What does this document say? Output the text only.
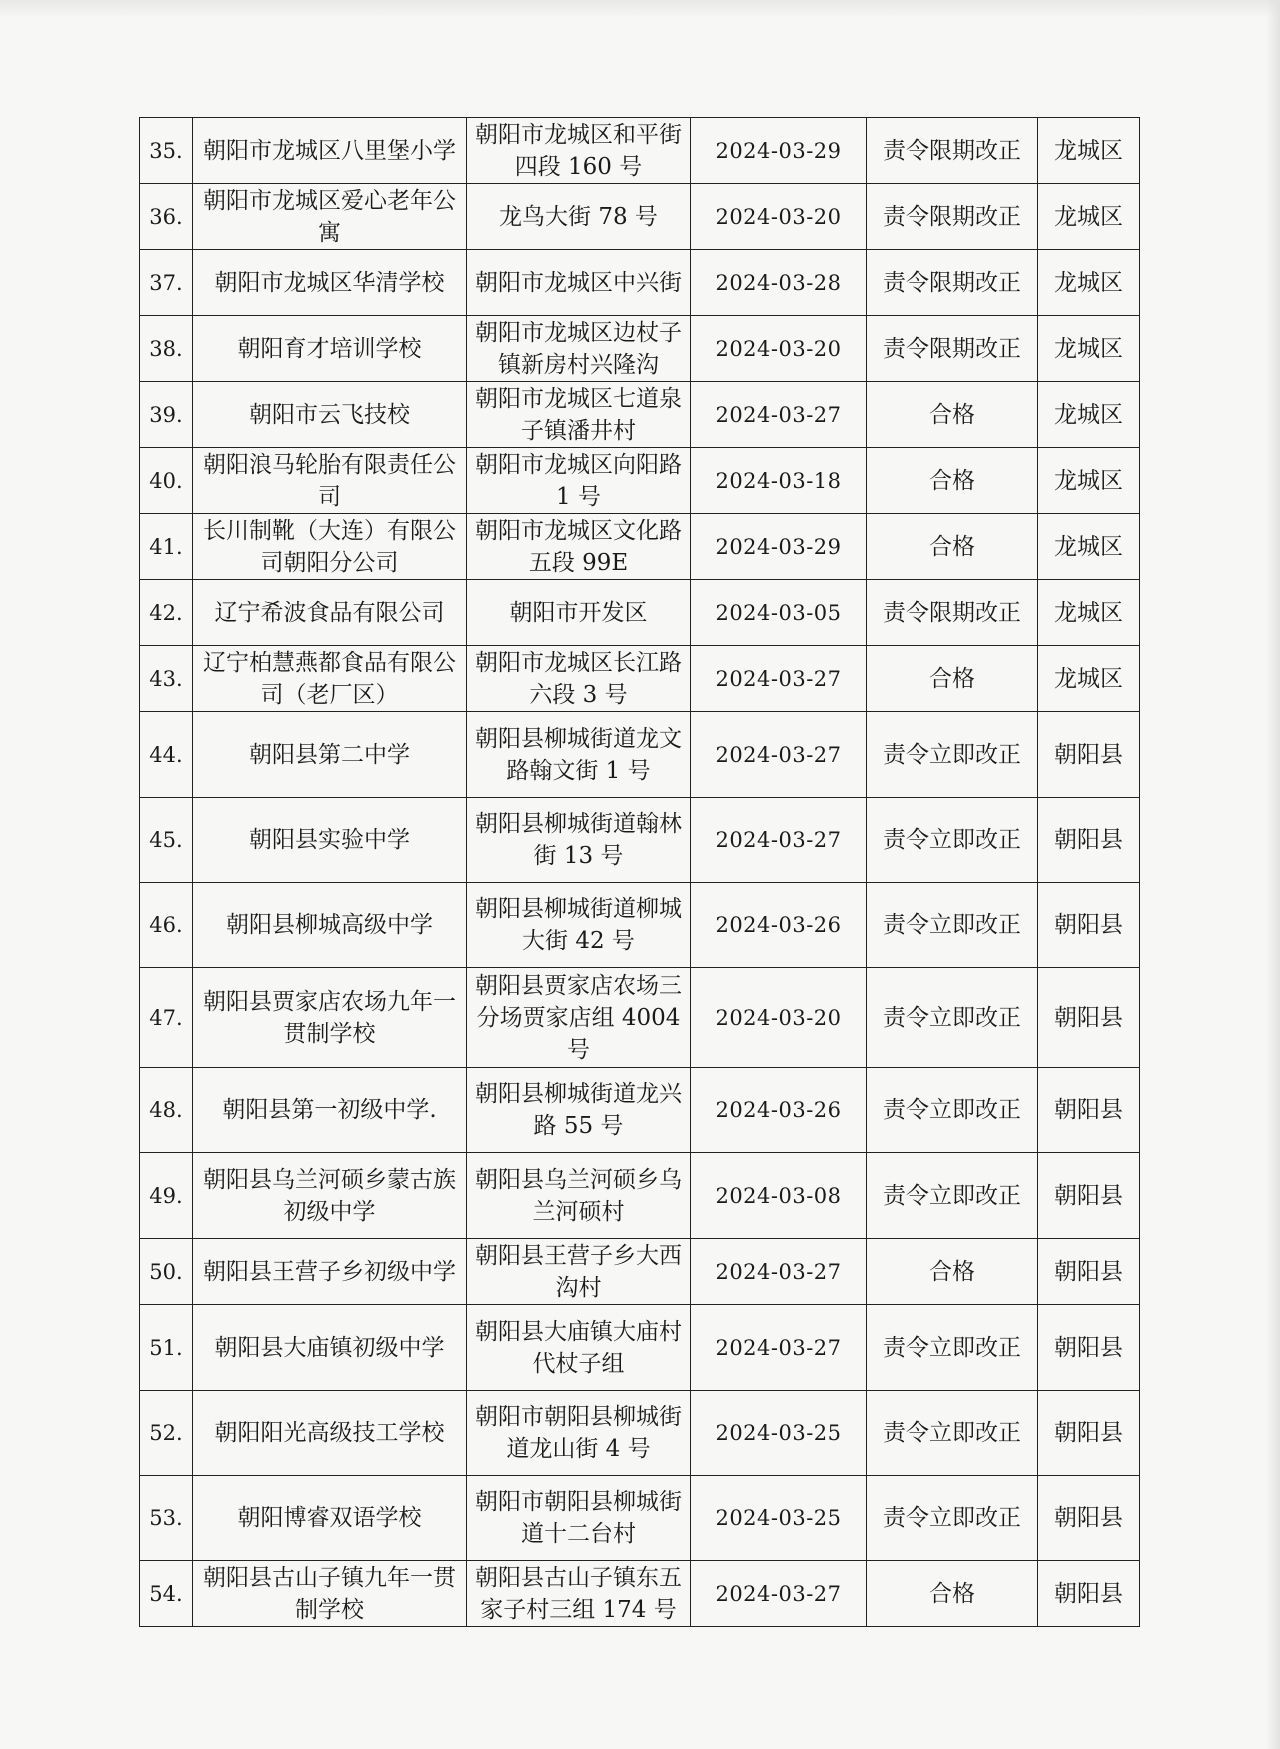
35.	朝阳市龙城区八里堡小学	朝阳市龙城区和平街四段 160 号	2024-03-29	责令限期改正	龙城区
36.	朝阳市龙城区爱心老年公寓	龙鸟大街 78 号	2024-03-20	责令限期改正	龙城区
37.	朝阳市龙城区华清学校	朝阳市龙城区中兴街	2024-03-28	责令限期改正	龙城区
38.	朝阳育才培训学校	朝阳市龙城区边杖子镇新房村兴隆沟	2024-03-20	责令限期改正	龙城区
39.	朝阳市云飞技校	朝阳市龙城区七道泉子镇潘井村	2024-03-27	合格	龙城区
40.	朝阳浪马轮胎有限责任公司	朝阳市龙城区向阳路 1 号	2024-03-18	合格	龙城区
41.	长川制靴（大连）有限公司朝阳分公司	朝阳市龙城区文化路五段 99E	2024-03-29	合格	龙城区
42.	辽宁希波食品有限公司	朝阳市开发区	2024-03-05	责令限期改正	龙城区
43.	辽宁柏慧燕都食品有限公司（老厂区）	朝阳市龙城区长江路六段 3 号	2024-03-27	合格	龙城区
44.	朝阳县第二中学	朝阳县柳城街道龙文路翰文街 1 号	2024-03-27	责令立即改正	朝阳县
45.	朝阳县实验中学	朝阳县柳城街道翰林街 13 号	2024-03-27	责令立即改正	朝阳县
46.	朝阳县柳城高级中学	朝阳县柳城街道柳城大街 42 号	2024-03-26	责令立即改正	朝阳县
47.	朝阳县贾家店农场九年一贯制学校	朝阳县贾家店农场三分场贾家店组 4004 号	2024-03-20	责令立即改正	朝阳县
48.	朝阳县第一初级中学.	朝阳县柳城街道龙兴路 55 号	2024-03-26	责令立即改正	朝阳县
49.	朝阳县乌兰河硕乡蒙古族初级中学	朝阳县乌兰河硕乡乌兰河硕村	2024-03-08	责令立即改正	朝阳县
50.	朝阳县王营子乡初级中学	朝阳县王营子乡大西沟村	2024-03-27	合格	朝阳县
51.	朝阳县大庙镇初级中学	朝阳县大庙镇大庙村代杖子组	2024-03-27	责令立即改正	朝阳县
52.	朝阳阳光高级技工学校	朝阳市朝阳县柳城街道龙山街 4 号	2024-03-25	责令立即改正	朝阳县
53.	朝阳博睿双语学校	朝阳市朝阳县柳城街道十二台村	2024-03-25	责令立即改正	朝阳县
54.	朝阳县古山子镇九年一贯制学校	朝阳县古山子镇东五家子村三组 174 号	2024-03-27	合格	朝阳县
